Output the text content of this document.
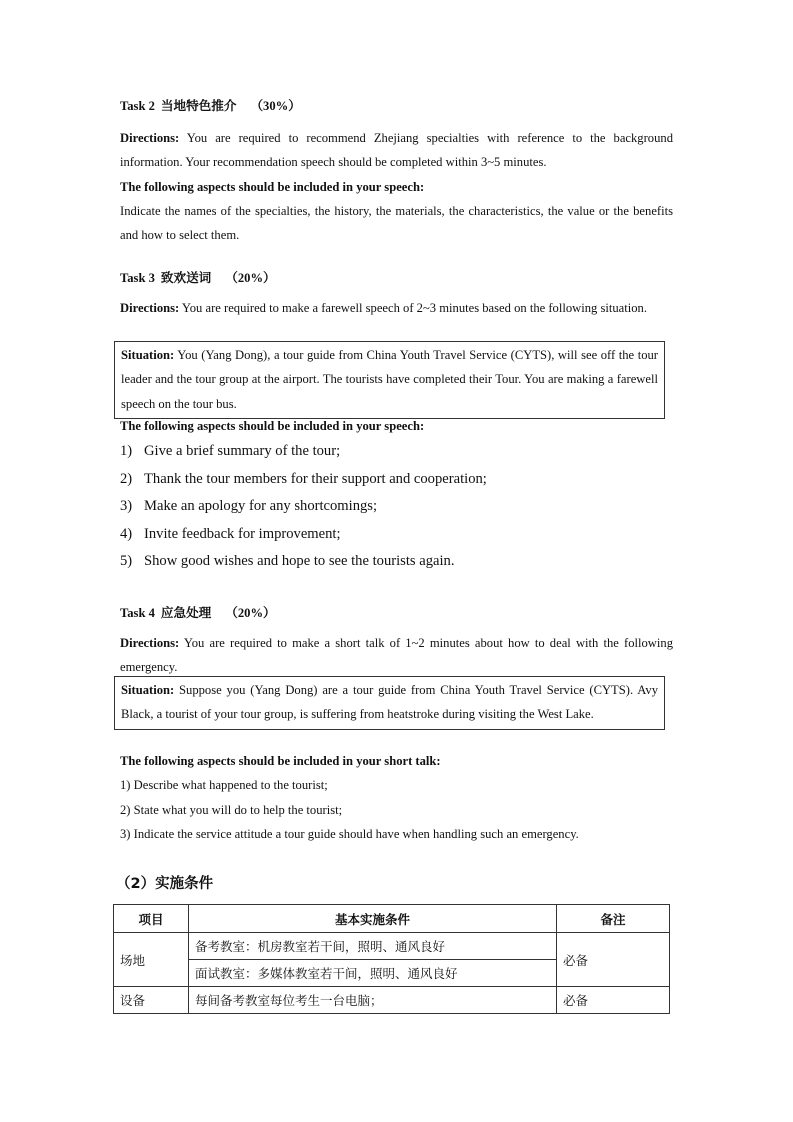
Task 2 当地特色推介 （30%）

Directions: You are required to recommend Zhejiang specialties with reference to the background information. Your recommendation speech should be completed within 3~5 minutes.

The following aspects should be included in your speech:

Indicate the names of the specialties, the history, the materials, the characteristics, the value or the benefits and how to select them.

Task 3 致欢送词 （20%）

Directions: You are required to make a farewell speech of 2~3 minutes based on the following situation.

Situation: You (Yang Dong), a tour guide from China Youth Travel Service (CYTS), will see off the tour leader and the tour group at the airport. The tourists have completed their Tour. You are making a farewell speech on the tour bus.

The following aspects should be included in your speech:

1) Give a brief summary of the tour;

2) Thank the tour members for their support and cooperation;

3) Make an apology for any shortcomings;

4) Invite feedback for improvement;

5) Show good wishes and hope to see the tourists again.

Task 4 应急处理 （20%）

Directions: You are required to make a short talk of 1~2 minutes about how to deal with the following emergency.

Situation: Suppose you (Yang Dong) are a tour guide from China Youth Travel Service (CYTS). Avy Black, a tourist of your tour group, is suffering from heatstroke during visiting the West Lake.

The following aspects should be included in your short talk:

1) Describe what happened to the tourist;

2) State what you will do to help the tourist;

3) Indicate the service attitude a tour guide should have when handling such an emergency.

（2）实施条件
项目	基本实施条件	备注
场地	备考教室：机房教室若干间，照明、通风良好	必备
	面试教室：多媒体教室若干间，照明、通风良好	
设备	每间备考教室每位考生一台电脑；	必备
